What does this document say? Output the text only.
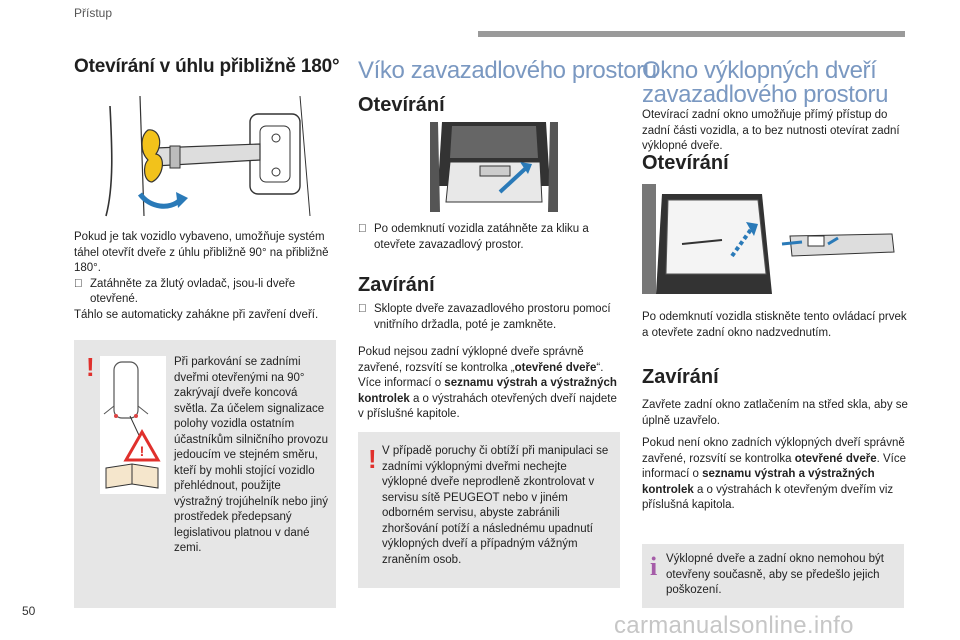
Přístup
Otevírání v úhlu přibližně 180°
Pokud je tak vozidlo vybaveno, umožňuje systém táhel otevřít dveře z úhlu přibližně 90° na přibližně 180°.
Zatáhněte za žlutý ovladač, jsou-li dveře otevřené.
Táhlo se automaticky zahákne při zavření dveří.
!
!
Při parkování se zadními dveřmi otevřenými na 90° zakrývají dveře koncová světla. Za účelem signalizace polohy vozidla ostatním účastníkům silničního provozu jedoucím ve stejném směru, kteří by mohli stojící vozidlo přehlédnout, použijte výstražný trojúhelník nebo jiný prostředek předepsaný legislativou platnou v dané zemi.
Víko zavazadlového prostoru
Otevírání
Po odemknutí vozidla zatáhněte za kliku a otevřete zavazadlový prostor.
Zavírání
Sklopte dveře zavazadlového prostoru pomocí vnitřního držadla, poté je zamkněte.
Pokud nejsou zadní výklopné dveře správně zavřené, rozsvítí se kontrolka „otevřené dveře“. Více informací o seznamu výstrah a výstražných kontrolek a o výstrahách otevřených dveří najdete v příslušné kapitole.
! V případě poruchy či obtíží při manipulaci se zadními výklopnými dveřmi nechejte výklopné dveře neprodleně zkontrolovat v servisu sítě PEUGEOT nebo v jiném odborném servisu, abyste zabránili zhoršování potíží a následnému upadnutí výklopných dveří a případným vážným zraněním osob.
Okno výklopných dveří
zavazadlového prostoru
Otevírací zadní okno umožňuje přímý přístup do zadní části vozidla, a to bez nutnosti otevírat zadní výklopné dveře.
Otevírání
Po odemknutí vozidla stiskněte tento ovládací prvek a otevřete zadní okno nadzvednutím.
Zavírání
Zavřete zadní okno zatlačením na střed skla, aby se úplně uzavřelo.
Pokud není okno zadních výklopných dveří správně zavřené, rozsvítí se kontrolka otevřené dveře. Více informací o seznamu výstrah a výstražných kontrolek a o výstrahách k otevřeným dveřím viz příslušná kapitola.
i Výklopné dveře a zadní okno nemohou být otevřeny současně, aby se předešlo jejich poškození.
50
carmanualsonline.info
